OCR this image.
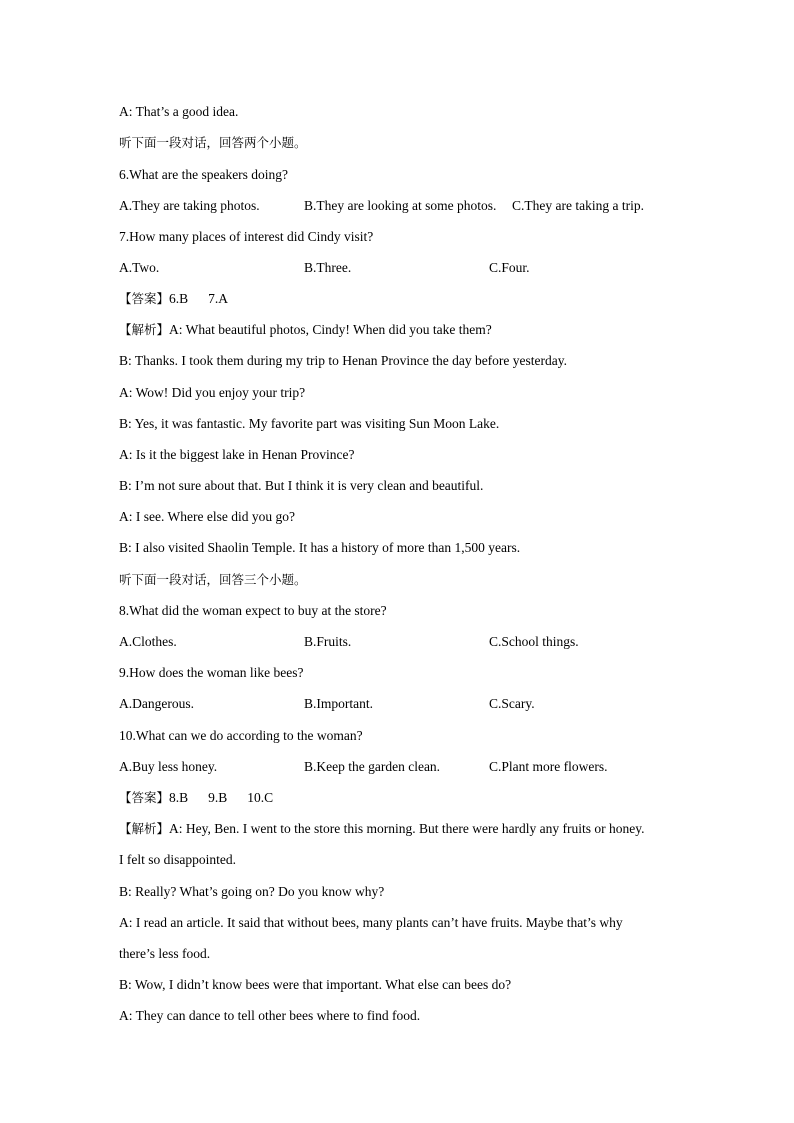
A: That’s a good idea.
听下面一段对话，回答两个小题。
6.What are the speakers doing?
A.They are taking photos.	B.They are looking at some photos. C.They are taking a trip.
7.How many places of interest did Cindy visit?
A.Two.	B.Three.	C.Four.
【答案】6.B 7.A
【解析】A: What beautiful photos, Cindy! When did you take them?
B: Thanks. I took them during my trip to Henan Province the day before yesterday.
A: Wow! Did you enjoy your trip?
B: Yes, it was fantastic. My favorite part was visiting Sun Moon Lake.
A: Is it the biggest lake in Henan Province?
B: I’m not sure about that. But I think it is very clean and beautiful.
A: I see. Where else did you go?
B: I also visited Shaolin Temple. It has a history of more than 1,500 years.
听下面一段对话，回答三个小题。
8.What did the woman expect to buy at the store?
A.Clothes.	B.Fruits.	C.School things.
9.How does the woman like bees?
A.Dangerous.	B.Important.	C.Scary.
10.What can we do according to the woman?
A.Buy less honey.	B.Keep the garden clean.	C.Plant more flowers.
【答案】8.B 9.B 10.C
【解析】A: Hey, Ben. I went to the store this morning. But there were hardly any fruits or honey.
I felt so disappointed.
B: Really? What’s going on? Do you know why?
A: I read an article. It said that without bees, many plants can’t have fruits. Maybe that’s why
there’s less food.
B: Wow, I didn’t know bees were that important. What else can bees do?
A: They can dance to tell other bees where to find food.
